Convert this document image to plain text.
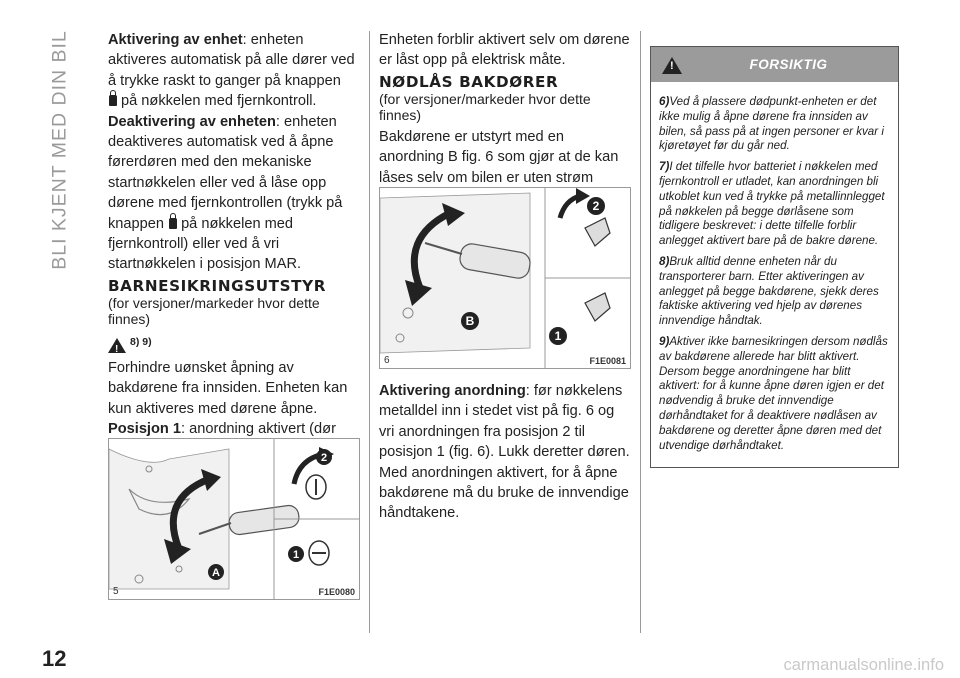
BLI KJENT MED DIN BIL	Aktivering av enhet: enheten aktiveres automatisk på alle dører ved å trykke raskt to ganger på knappen
på nøkkelen med fjernkontroll.

Deaktivering av enheten: enheten deaktiveres automatisk ved å åpne førerdøren med den mekaniske startnøkkelen eller ved å låse opp dørene med fjernkontrollen (trykk på knappen på nøkkelen med fjernkontroll) eller ved å vri startnøkkelen i posisjon MAR.

BARNESIKRINGSUTSTYR

(for versjoner/markeder hvor dette finnes)

!
8) 9)

Forhindre uønsket åpning av bakdørene fra innsiden. Enheten kan kun aktiveres med dørene åpne.

Posisjon 1: anordning aktivert (dør

2
1
A
5	F1E0080

Enheten forblir aktivert selv om dørene er låst opp på elektrisk måte.

NØDLÅS BAKDØRER

(for versjoner/markeder hvor dette finnes)

Bakdørene er utstyrt med en anordning B fig. 6 som gjør at de kan låses selv om bilen er uten strøm

2
1
B
6	F1E0081

Aktivering anordning: før nøkkelens metalldel inn i stedet vist på fig. 6 og vri anordningen fra posisjon 2 til posisjon 1 (fig. 6). Lukk deretter døren. Med anordningen aktivert, for å åpne bakdørene må du bruke de innvendige håndtakene.

!
FORSIKTIG

6)Ved å plassere dødpunkt-enheten er det ikke mulig å åpne dørene fra innsiden av bilen, så pass på at ingen personer er kvar i kjøretøyet før du går ned.

7)I det tilfelle hvor batteriet i nøkkelen med fjernkontroll er utladet, kan anordningen bli utkoblet kun ved å trykke på metallinnlegget på nøkkelen på begge dørlåsene som tidligere beskrevet: i dette tilfelle forblir anlegget aktivert bare på de bakre dørene.

8)Bruk alltid denne enheten når du transporterer barn. Etter aktiveringen av anlegget på begge bakdørene, sjekk deres faktiske aktivering ved hjelp av dørenes innvendige håndtak.

9)Aktiver ikke barnesikringen dersom nødlås av bakdørene allerede har blitt aktivert. Dersom begge anordningene har blitt aktivert: for å kunne åpne døren igjen er det nødvendig å bruke det innvendige dørhåndtaket for å deaktivere nødlåsen av bakdørene og deretter åpne døren med det utvendige dørhåndtaket.

12	carmanualsonline.info
